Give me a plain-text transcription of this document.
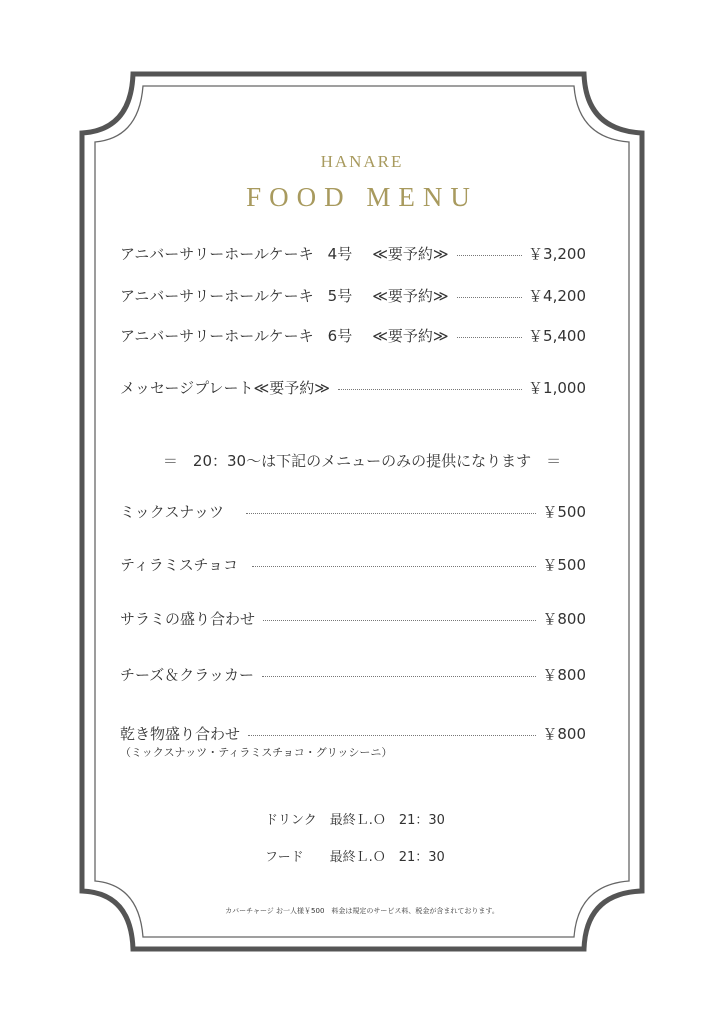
HANARE
FOOD MENU
アニバーサリーホールケーキ 4号 ≪要予約≫	￥3,200
アニバーサリーホールケーキ 5号 ≪要予約≫	￥4,200
アニバーサリーホールケーキ 6号 ≪要予約≫	￥5,400
メッセージプレート≪要予約≫	￥1,000
＝　20：30～は下記のメニューのみの提供になります　＝
ミックスナッツ	￥500
ティラミスチョコ	￥500
サラミの盛り合わせ	￥800
チーズ＆クラッカー	￥800
乾き物盛り合わせ	￥800
（ミックスナッツ・ティラミスチョコ・グリッシーニ）
ドリンク　最終Ｌ.Ｏ　21：30
フード　　最終Ｌ.Ｏ　21：30
カバーチャージ お一人様￥500　料金は規定のサービス料、税金が含まれております。
